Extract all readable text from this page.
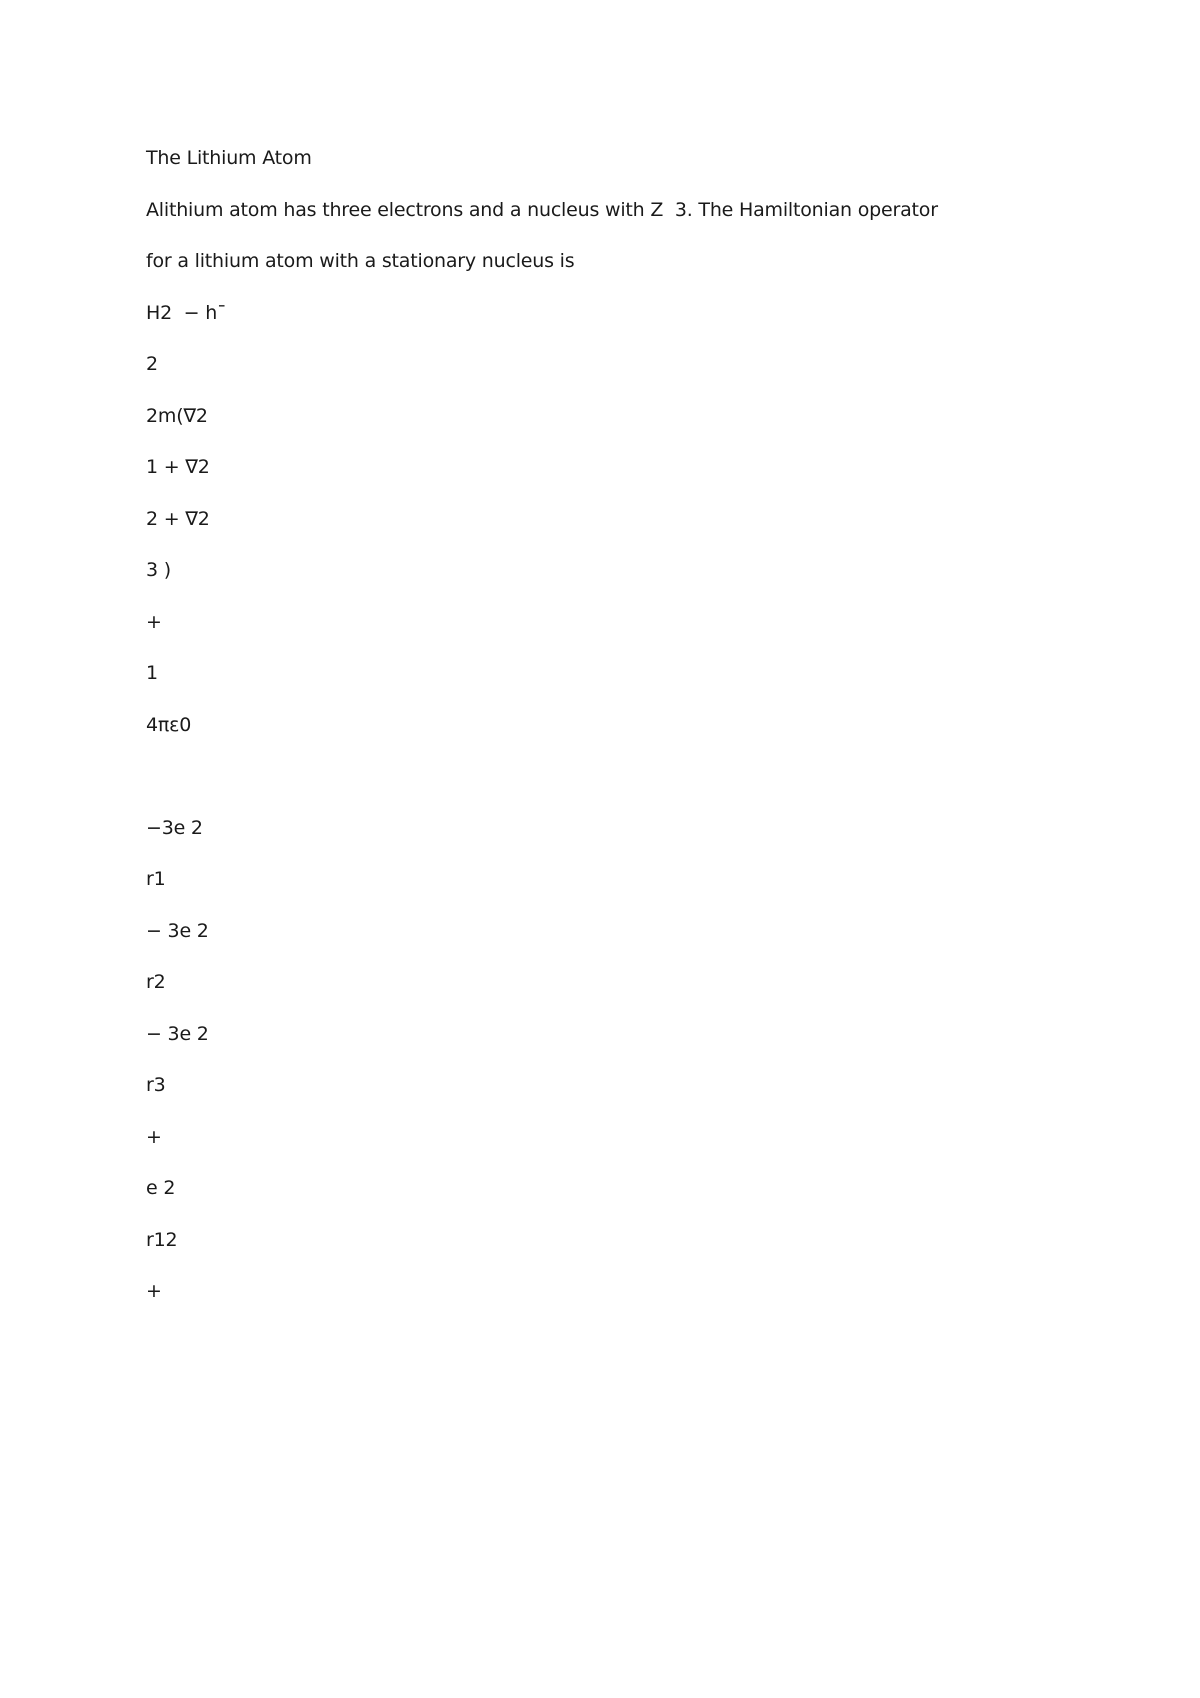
The Lithium Atom
Alithium atom has three electrons and a nucleus with Z  3. The Hamiltonian operator
for a lithium atom with a stationary nucleus is
H2  − h¯
2
2m(∇2
1 + ∇2
2 + ∇2
3 )
+
1
4πε0
−3e 2
r1
− 3e 2
r2
− 3e 2
r3
+
e 2
r12
+
